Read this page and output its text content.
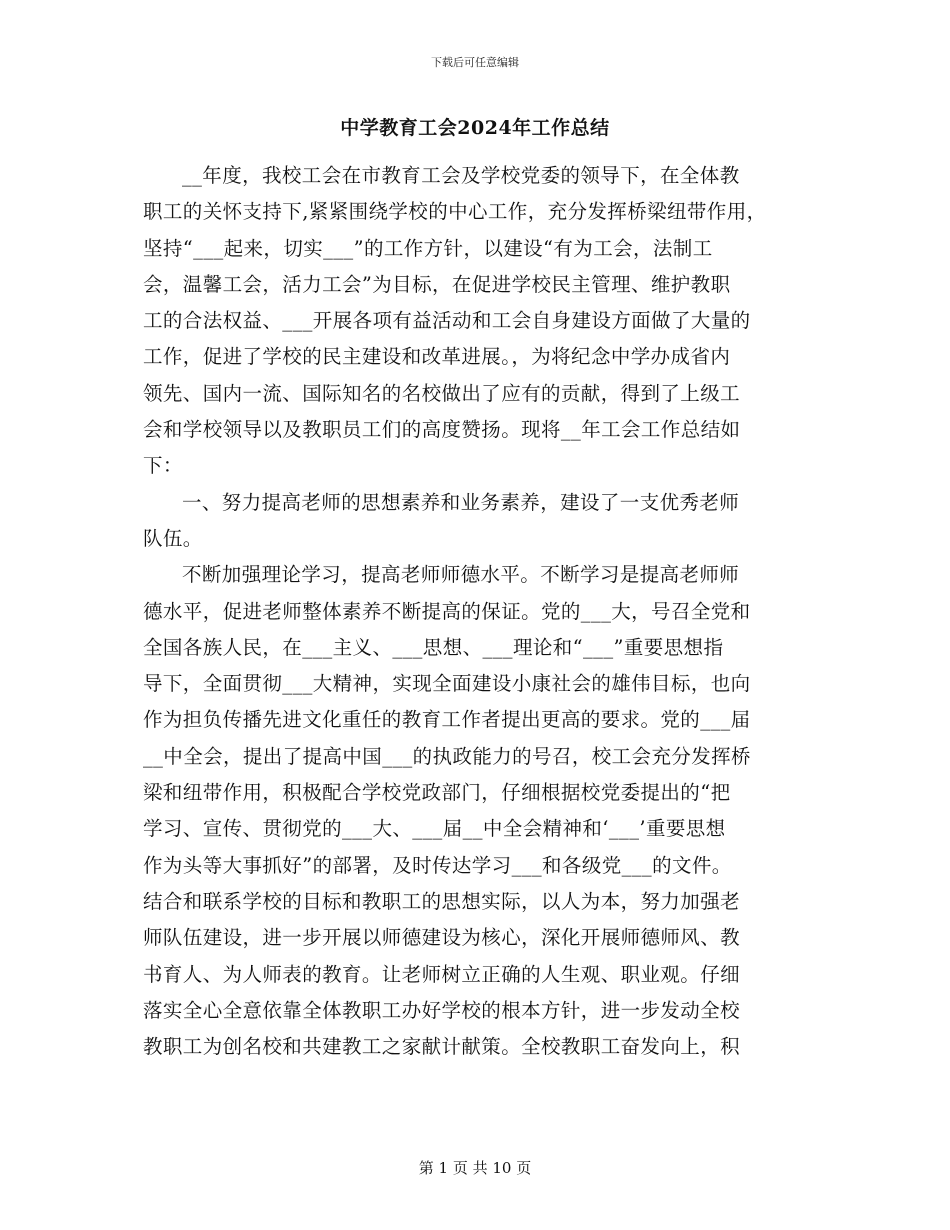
下载后可任意编辑
中学教育工会2024年工作总结
__年度，我校工会在市教育工会及学校党委的领导下，在全体教
职工的关怀支持下,紧紧围绕学校的中心工作，充分发挥桥梁纽带作用，
坚持“___起来，切实___”的工作方针，以建设“有为工会，法制工
会，温馨工会，活力工会”为目标，在促进学校民主管理、维护教职
工的合法权益、___开展各项有益活动和工会自身建设方面做了大量的
工作，促进了学校的民主建设和改革进展。，为将纪念中学办成省内
领先、国内一流、国际知名的名校做出了应有的贡献，得到了上级工
会和学校领导以及教职员工们的高度赞扬。现将__年工会工作总结如
下：
一、努力提高老师的思想素养和业务素养，建设了一支优秀老师
队伍。
不断加强理论学习，提高老师师德水平。不断学习是提高老师师
德水平，促进老师整体素养不断提高的保证。党的___大，号召全党和
全国各族人民，在___主义、___思想、___理论和“___”重要思想指
导下，全面贯彻___大精神，实现全面建设小康社会的雄伟目标，也向
作为担负传播先进文化重任的教育工作者提出更高的要求。党的___届
__中全会，提出了提高中国___的执政能力的号召，校工会充分发挥桥
梁和纽带作用，积极配合学校党政部门，仔细根据校党委提出的“把
学习、宣传、贯彻党的___大、___届__中全会精神和‘___’重要思想
作为头等大事抓好”的部署，及时传达学习___和各级党___的文件。
结合和联系学校的目标和教职工的思想实际，以人为本，努力加强老
师队伍建设，进一步开展以师德建设为核心，深化开展师德师风、教
书育人、为人师表的教育。让老师树立正确的人生观、职业观。仔细
落实全心全意依靠全体教职工办好学校的根本方针，进一步发动全校
教职工为创名校和共建教工之家献计献策。全校教职工奋发向上，积
第 1 页 共 10 页
